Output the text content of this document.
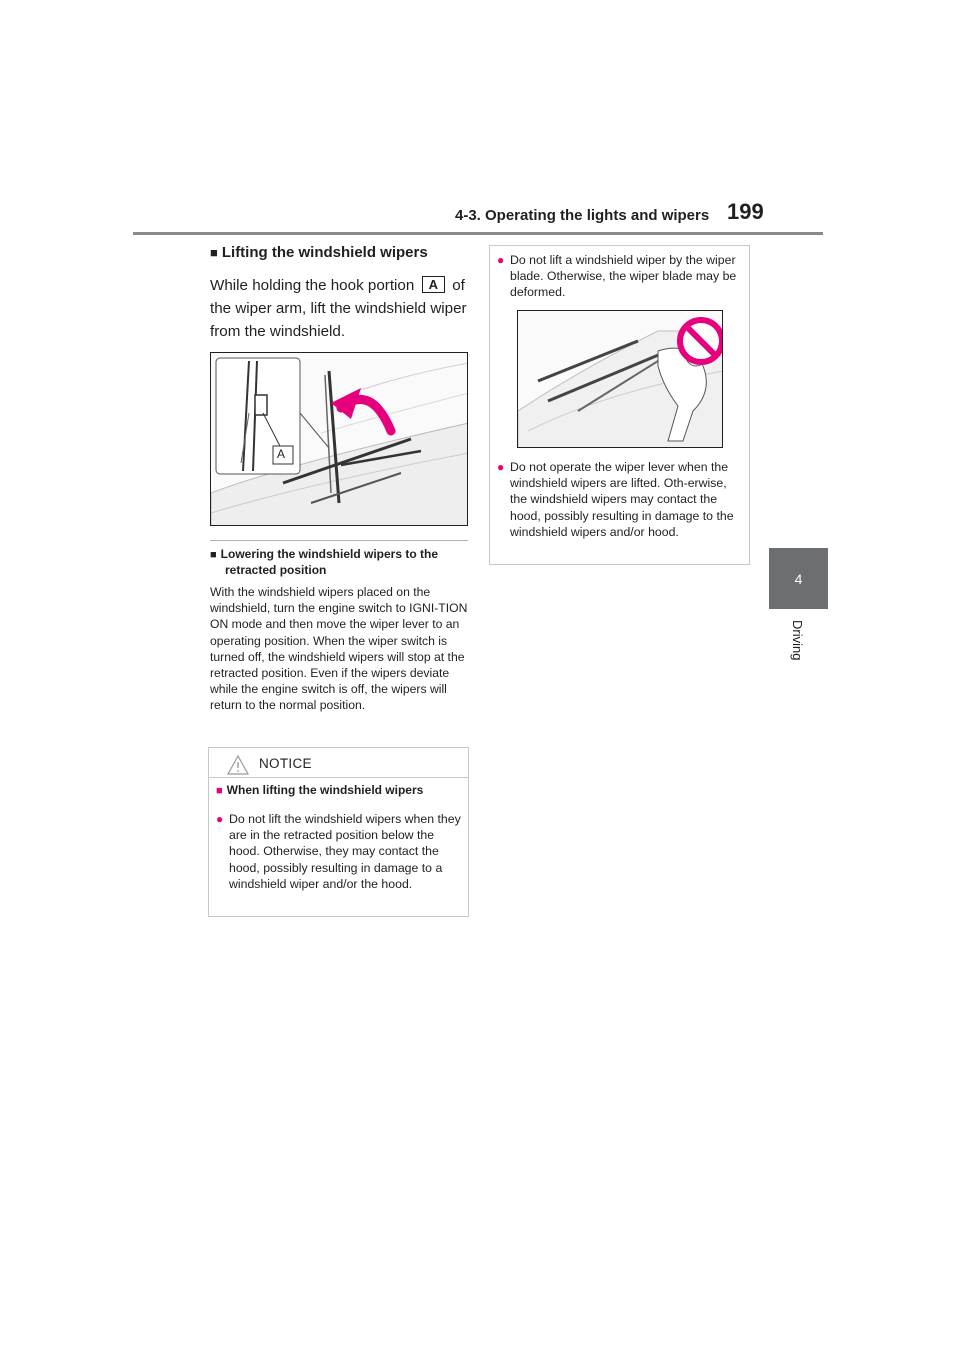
4-3. Operating the lights and wipers 199
4
Driving
■ Lifting the windshield wipers
While holding the hook portion A of the wiper arm, lift the windshield wiper from the windshield.
A
■ Lowering the windshield wipers to the
retracted position
With the windshield wipers placed on the windshield, turn the engine switch to IGNI-TION ON mode and then move the wiper lever to an operating position. When the wiper switch is turned off, the windshield wipers will stop at the retracted position. Even if the wipers deviate while the engine switch is off, the wipers will return to the normal position.
NOTICE
■ When lifting the windshield wipers
● Do not lift the windshield wipers when they are in the retracted position below the hood. Otherwise, they may contact the hood, possibly resulting in damage to a windshield wiper and/or the hood.
● Do not lift a windshield wiper by the wiper blade. Otherwise, the wiper blade may be deformed.
● Do not operate the wiper lever when the windshield wipers are lifted. Oth-erwise, the windshield wipers may contact the hood, possibly resulting in damage to the windshield wipers and/or hood.
